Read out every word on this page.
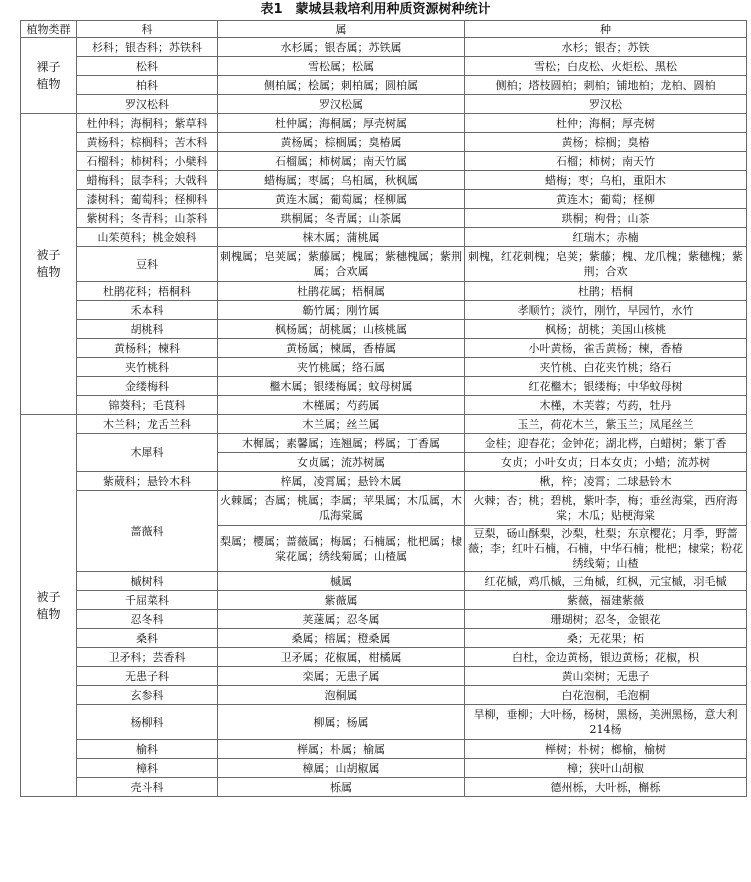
表1　蒙城县栽培利用种质资源树种统计
植物类群	科	属	种
裸子
植物	杉科；银杏科；苏铁科	水杉属；银杏属；苏铁属	水杉；银杏；苏铁
	松科	雪松属；松属	雪松；白皮松、火炬松、黑松
	柏科	侧柏属；桧属；刺柏属；圆柏属	侧柏；塔枝圆柏；刺柏；铺地柏；龙柏、圆柏
	罗汉松科	罗汉松属	罗汉松
被子
植物	杜仲科；海桐科；紫草科	杜仲属；海桐属；厚壳树属	杜仲；海桐；厚壳树
	黄杨科；棕榈科；苦木科	黄杨属；棕榈属；臭椿属	黄杨；棕榈；臭椿
	石榴科；柿树科；小檗科	石榴属；柿树属；南天竹属	石榴；柿树；南天竹
	蜡梅科；鼠李科；大戟科	蜡梅属；枣属；乌桕属，秋枫属	蜡梅；枣；乌桕，重阳木
	漆树科；葡萄科；柽柳科	黄连木属；葡萄属；柽柳属	黄连木；葡萄；柽柳
	紫树科；冬青科；山茶科	珙桐属；冬青属；山茶属	珙桐；枸骨；山茶
	山茱萸科；桃金娘科	梾木属；蒲桃属	红瑞木；赤楠
	豆科	刺槐属；皂荚属；紫藤属；槐属；紫穗槐属；紫荆属；合欢属	刺槐，红花刺槐；皂荚；紫藤；槐、龙爪槐；紫穗槐；紫荆；合欢
	杜鹃花科；梧桐科	杜鹃花属；梧桐属	杜鹃；梧桐
	禾本科	簕竹属；刚竹属	孝顺竹；淡竹，刚竹，早园竹，水竹
	胡桃科	枫杨属；胡桃属；山核桃属	枫杨；胡桃；美国山核桃
	黄杨科；楝科	黄杨属；楝属，香椿属	小叶黄杨，雀舌黄杨；楝，香椿
	夹竹桃科	夹竹桃属；络石属	夹竹桃、白花夹竹桃；络石
	金缕梅科	檵木属；银缕梅属；蚊母树属	红花檵木；银缕梅；中华蚊母树
	锦葵科；毛茛科	木槿属；芍药属	木槿，木芙蓉；芍药，牡丹
被子
植物	木兰科；龙舌兰科	木兰属；丝兰属	玉兰，荷花木兰，紫玉兰；凤尾丝兰
	木犀科	木樨属；素馨属；连翘属；梣属；丁香属	金桂；迎春花；金钟花；湖北梣，白蜡树；紫丁香
		女贞属；流苏树属	女贞；小叶女贞；日本女贞；小蜡；流苏树
	紫葳科；悬铃木科	梓属，凌霄属；悬铃木属	楸，梓；凌霄；二球悬铃木
	蔷薇科	火棘属；杏属；桃属；李属；苹果属；木瓜属，木瓜海棠属	火棘；杏；桃；碧桃，紫叶李，梅；垂丝海棠，西府海棠；木瓜；贴梗海棠
		梨属；樱属；蔷薇属；梅属；石楠属；枇杷属；棣棠花属；绣线菊属；山楂属	豆梨，砀山酥梨，沙梨，杜梨；东京樱花；月季，野蔷薇；李；红叶石楠，石楠，中华石楠；枇杷；棣棠；粉花绣线菊；山楂
	槭树科	槭属	红花槭，鸡爪槭，三角槭，红枫，元宝槭，羽毛槭
	千屈菜科	紫薇属	紫薇，福建紫薇
	忍冬科	荚蒾属；忍冬属	珊瑚树；忍冬，金银花
	桑科	桑属；榕属；橙桑属	桑；无花果；柘
	卫矛科；芸香科	卫矛属；花椒属，柑橘属	白杜，金边黄杨，银边黄杨；花椒，枳
	无患子科	栾属；无患子属	黄山栾树；无患子
	玄参科	泡桐属	白花泡桐，毛泡桐
	杨柳科	柳属；杨属	旱柳，垂柳；大叶杨，杨树，黑杨，美洲黑杨，意大利214杨
	榆科	榉属；朴属；榆属	榉树；朴树；榔榆，榆树
	樟科	樟属；山胡椒属	樟；狭叶山胡椒
	壳斗科	栎属	德州栎，大叶栎，槲栎
